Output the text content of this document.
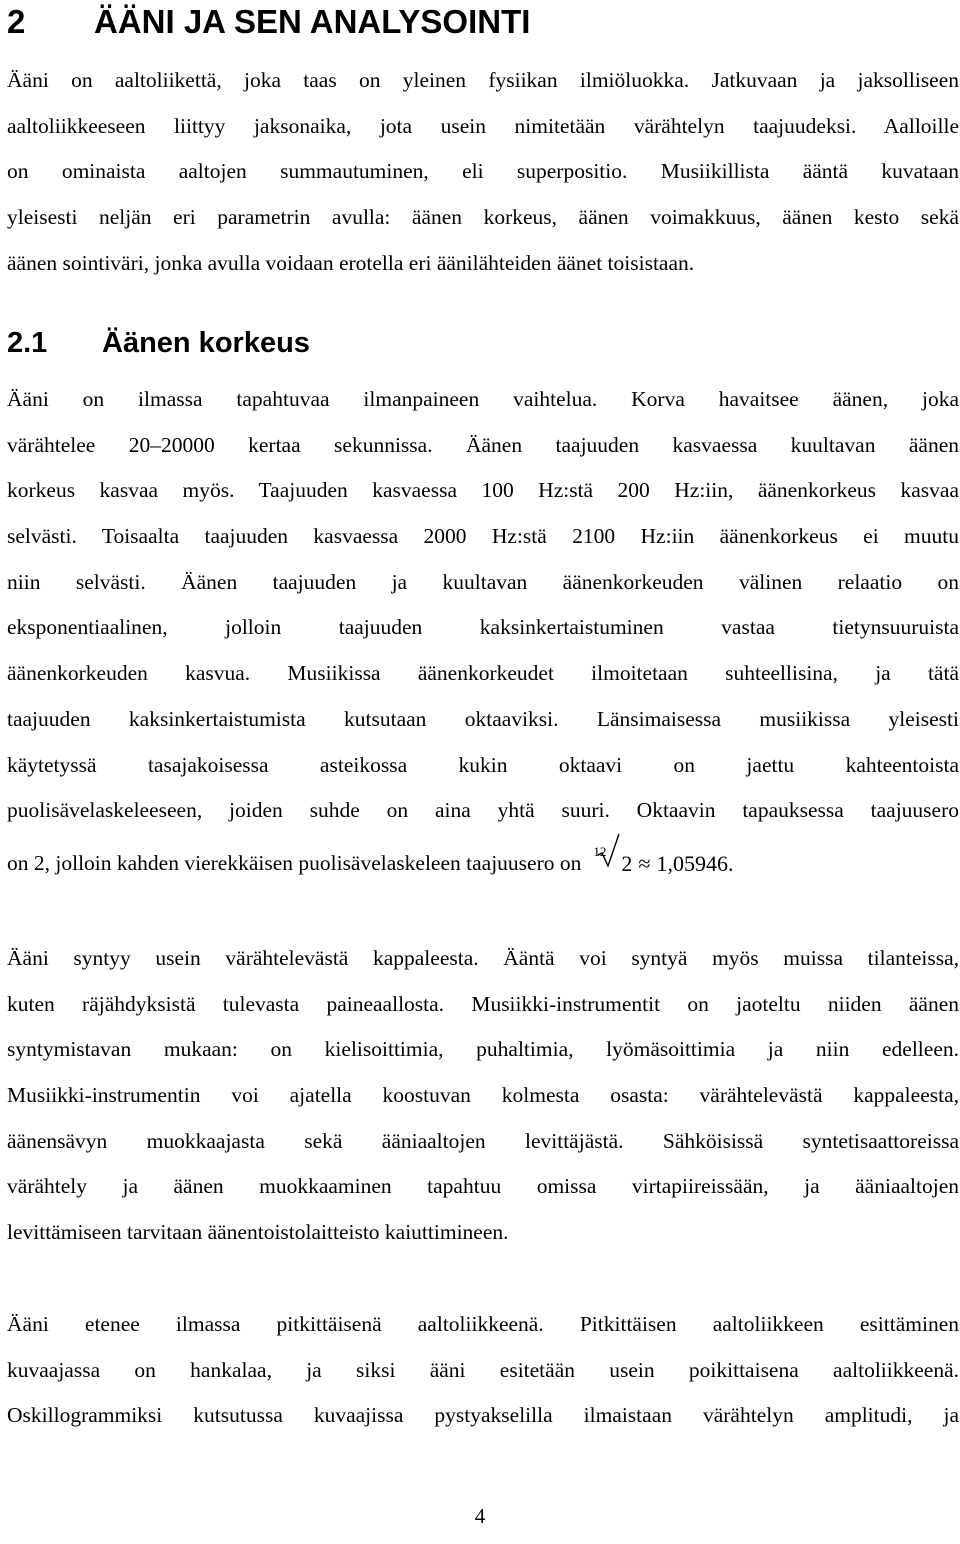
2 ÄÄNI JA SEN ANALYSOINTI
Ääni on aaltoliikettä, joka taas on yleinen fysiikan ilmiöluokka. Jatkuvaan ja jaksolliseen
aaltoliikkeeseen liittyy jaksonaika, jota usein nimitetään värähtelyn taajuudeksi. Aalloille
on ominaista aaltojen summautuminen, eli superpositio. Musiikillista ääntä kuvataan
yleisesti neljän eri parametrin avulla: äänen korkeus, äänen voimakkuus, äänen kesto sekä
äänen sointiväri, jonka avulla voidaan erotella eri äänilähteiden äänet toisistaan.
2.1 Äänen korkeus
Ääni on ilmassa tapahtuvaa ilmanpaineen vaihtelua. Korva havaitsee äänen, joka
värähtelee 20–20000 kertaa sekunnissa. Äänen taajuuden kasvaessa kuultavan äänen
korkeus kasvaa myös. Taajuuden kasvaessa 100 Hz:stä 200 Hz:iin, äänenkorkeus kasvaa
selvästi. Toisaalta taajuuden kasvaessa 2000 Hz:stä 2100 Hz:iin äänenkorkeus ei muutu
niin selvästi. Äänen taajuuden ja kuultavan äänenkorkeuden välinen relaatio on
eksponentiaalinen, jolloin taajuuden kaksinkertaistuminen vastaa tietynsuuruista
äänenkorkeuden kasvua. Musiikissa äänenkorkeudet ilmoitetaan suhteellisina, ja tätä
taajuuden kaksinkertaistumista kutsutaan oktaaviksi. Länsimaisessa musiikissa yleisesti
käytetyssä tasajakoisessa asteikossa kukin oktaavi on jaettu kahteentoista
puolisävelaskeleeseen, joiden suhde on aina yhtä suuri. Oktaavin tapauksessa taajuusero
on 2, jolloin kahden vierekkäisen puolisävelaskeleen taajuusero on 12 2 ≈ 1,05946 .
Ääni syntyy usein värähtelevästä kappaleesta. Ääntä voi syntyä myös muissa tilanteissa,
kuten räjähdyksistä tulevasta paineaallosta. Musiikki-instrumentit on jaoteltu niiden äänen
syntymistavan mukaan: on kielisoittimia, puhaltimia, lyömäsoittimia ja niin edelleen.
Musiikki-instrumentin voi ajatella koostuvan kolmesta osasta: värähtelevästä kappaleesta,
äänensävyn muokkaajasta sekä ääniaaltojen levittäjästä. Sähköisissä syntetisaattoreissa
värähtely ja äänen muokkaaminen tapahtuu omissa virtapiireissään, ja ääniaaltojen
levittämiseen tarvitaan äänentoistolaitteisto kaiuttimineen.
Ääni etenee ilmassa pitkittäisenä aaltoliikkeenä. Pitkittäisen aaltoliikkeen esittäminen
kuvaajassa on hankalaa, ja siksi ääni esitetään usein poikittaisena aaltoliikkeenä.
Oskillogrammiksi kutsutussa kuvaajissa pystyakselilla ilmaistaan värähtelyn amplitudi, ja

4
